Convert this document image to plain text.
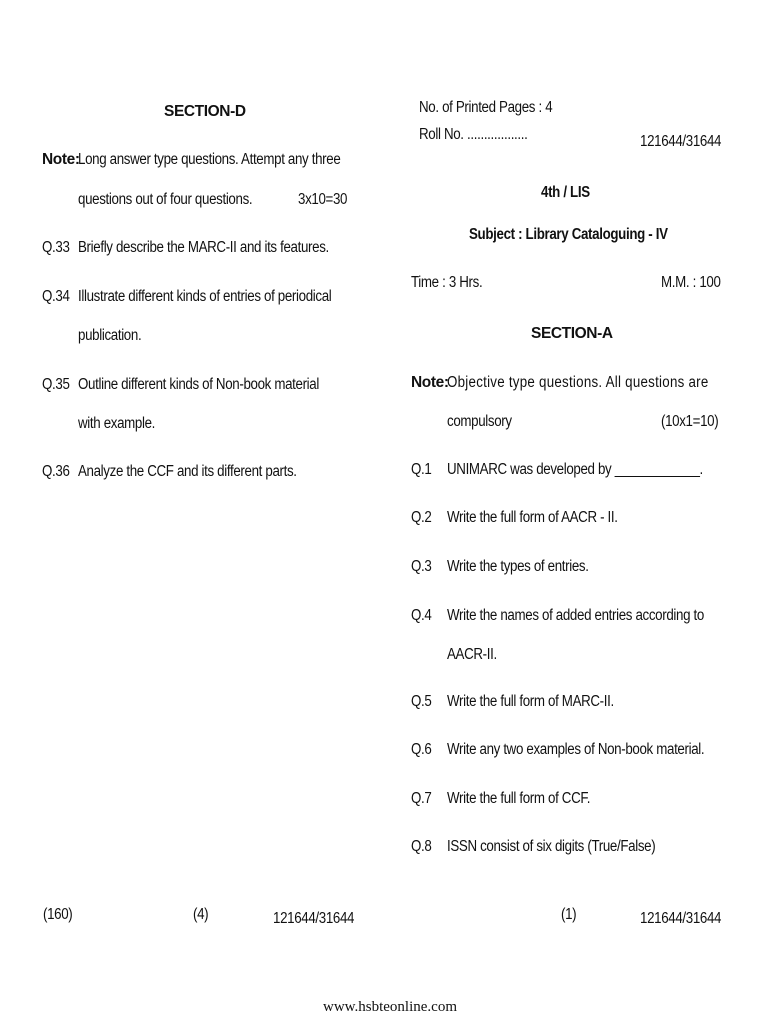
SECTION-D
Note:
Long answer type questions. Attempt any three
questions out of four questions.	3x10=30
Q.33 Briefly describe the MARC-II and its features.
Q.34 Illustrate different kinds of entries of periodical
publication.
Q.35 Outline different kinds of Non-book material
with example.
Q.36 Analyze the CCF and its different parts.
(160)	(4)	121644/31644
No. of Printed Pages : 4
Roll No. ..................	121644/31644
4th / LIS
Subject : Library Cataloguing - IV
Time : 3 Hrs.	M.M. : 100
SECTION-A
Note:
Objective type questions. All questions are
compulsory	(10x1=10)
Q.1 UNIMARC was developed by ____________.
Q.2 Write the full form of AACR - II.
Q.3 Write the types of entries.
Q.4 Write the names of added entries according to
AACR-II.
Q.5 Write the full form of MARC-II.
Q.6 Write any two examples of Non-book material.
Q.7 Write the full form of CCF.
Q.8 ISSN consist of six digits (True/False)
(1)	121644/31644
www.hsbteonline.com
